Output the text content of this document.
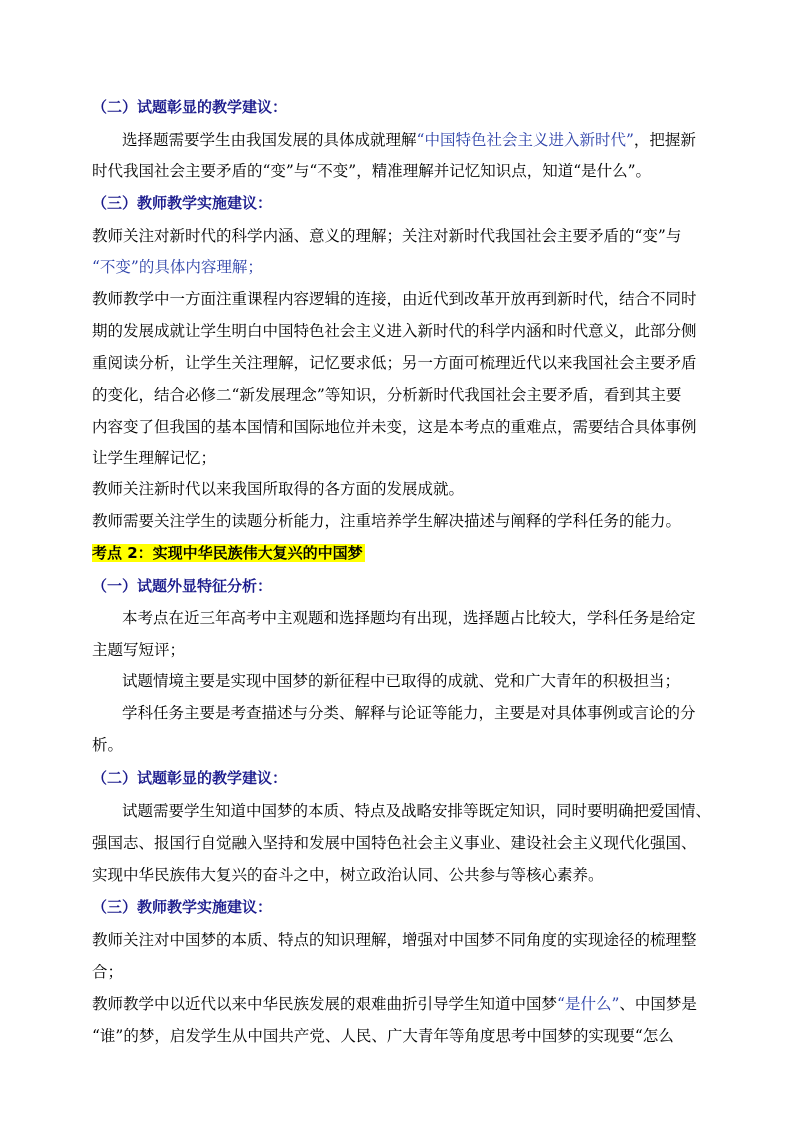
（二）试题彰显的教学建议：
选择题需要学生由我国发展的具体成就理解“中国特色社会主义进入新时代”，把握新
时代我国社会主要矛盾的“变”与“不变”，精准理解并记忆知识点，知道“是什么”。
（三）教师教学实施建议：
教师关注对新时代的科学内涵、意义的理解；关注对新时代我国社会主要矛盾的“变”与
“不变”的具体内容理解；
教师教学中一方面注重课程内容逻辑的连接，由近代到改革开放再到新时代，结合不同时
期的发展成就让学生明白中国特色社会主义进入新时代的科学内涵和时代意义，此部分侧
重阅读分析，让学生关注理解，记忆要求低；另一方面可梳理近代以来我国社会主要矛盾
的变化，结合必修二“新发展理念”等知识，分析新时代我国社会主要矛盾，看到其主要
内容变了但我国的基本国情和国际地位并未变，这是本考点的重难点，需要结合具体事例
让学生理解记忆；
教师关注新时代以来我国所取得的各方面的发展成就。
教师需要关注学生的读题分析能力，注重培养学生解决描述与阐释的学科任务的能力。
考点 2：实现中华民族伟大复兴的中国梦
（一）试题外显特征分析：
本考点在近三年高考中主观题和选择题均有出现，选择题占比较大，学科任务是给定
主题写短评；
试题情境主要是实现中国梦的新征程中已取得的成就、党和广大青年的积极担当；
学科任务主要是考查描述与分类、解释与论证等能力，主要是对具体事例或言论的分
析。
（二）试题彰显的教学建议：
试题需要学生知道中国梦的本质、特点及战略安排等既定知识，同时要明确把爱国情、
强国志、报国行自觉融入坚持和发展中国特色社会主义事业、建设社会主义现代化强国、
实现中华民族伟大复兴的奋斗之中，树立政治认同、公共参与等核心素养。
（三）教师教学实施建议：
教师关注对中国梦的本质、特点的知识理解，增强对中国梦不同角度的实现途径的梳理整
合；
教师教学中以近代以来中华民族发展的艰难曲折引导学生知道中国梦“是什么”、中国梦是
“谁”的梦，启发学生从中国共产党、人民、广大青年等角度思考中国梦的实现要“怎么
